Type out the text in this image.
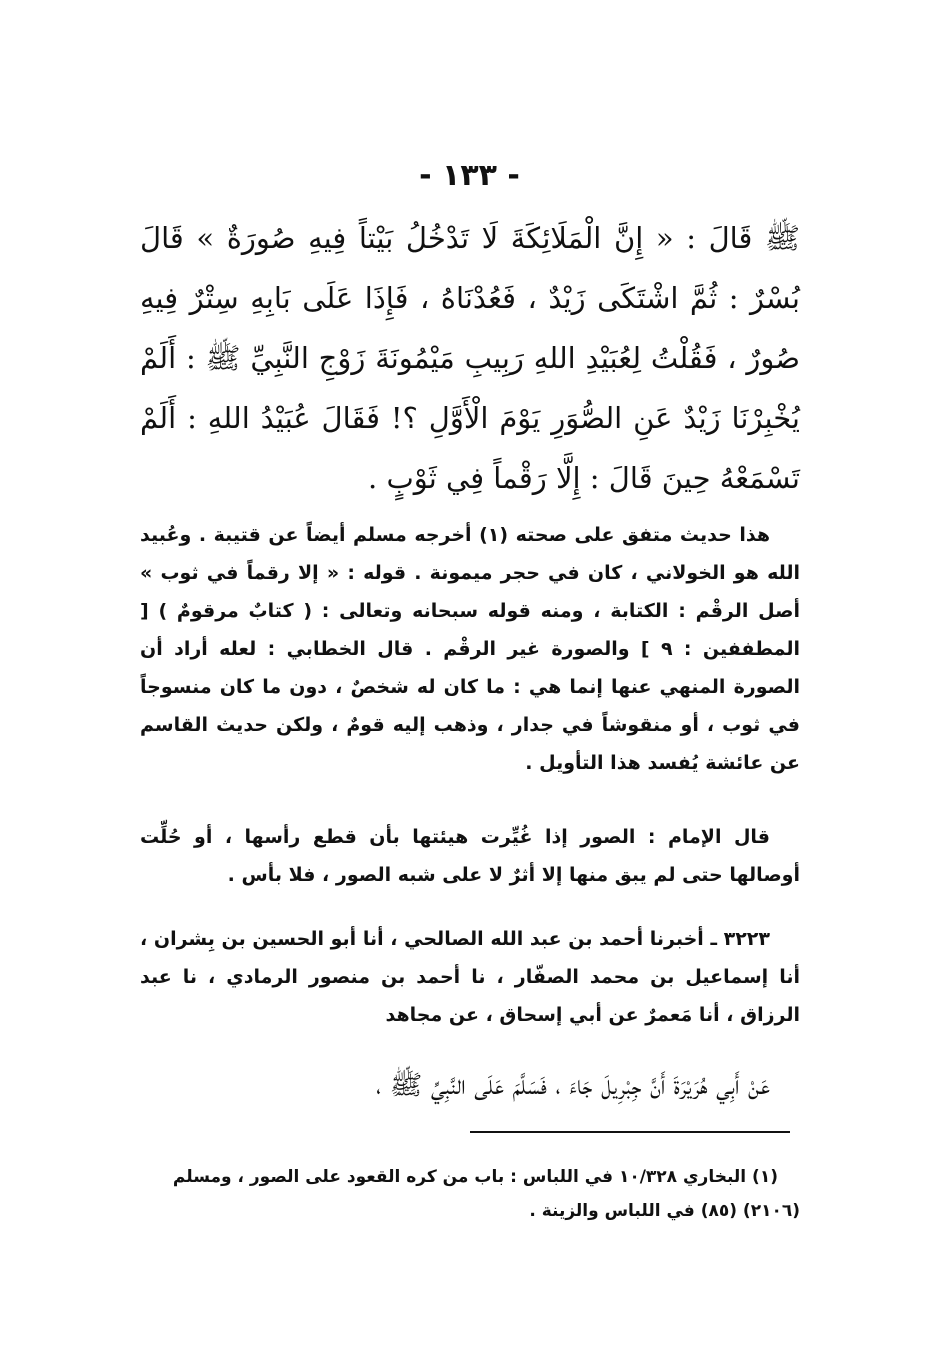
- ١٣٣ -
ﷺ قَالَ : « إِنَّ الْمَلَائِكَةَ لَا تَدْخُلُ بَيْتاً فِيهِ صُورَةٌ » قَالَ بُسْرٌ : ثُمَّ اشْتَكَى زَيْدٌ ، فَعُدْنَاهُ ، فَإِذَا عَلَى بَابِهِ سِتْرٌ فِيهِ صُورٌ ، فَقُلْتُ لِعُبَيْدِ اللهِ رَبِيبِ مَيْمُونَةَ زَوْجِ النَّبِيِّ ﷺ : أَلَمْ يُخْبِرْنَا زَيْدٌ عَنِ الصُّوَرِ يَوْمَ الْأَوَّلِ ؟! فَقَالَ عُبَيْدُ اللهِ : أَلَمْ تَسْمَعْهُ حِينَ قَالَ : إِلَّا رَقْماً فِي ثَوْبٍ .

هذا حديث متفق على صحته (١) أخرجه مسلم أيضاً عن قتيبة . وعُبيد الله هو الخولاني ، كان في حجر ميمونة . قوله : « إلا رقماً في ثوب » أصل الرقْم : الكتابة ، ومنه قوله سبحانه وتعالى : ( كتابٌ مرقومٌ ) [ المطففين : ٩ ] والصورة غير الرقْم . قال الخطابي : لعله أراد أن الصورة المنهي عنها إنما هي : ما كان له شخصٌ ، دون ما كان منسوجاً في ثوب ، أو منقوشاً في جدار ، وذهب إليه قومٌ ، ولكن حديث القاسم عن عائشة يُفسد هذا التأويل .

قال الإمام : الصور إذا غُيِّرت هيئتها بأن قطع رأسها ، أو حُلِّت أوصالها حتى لم يبق منها إلا أثرٌ لا على شبه الصور ، فلا بأس .
٣٢٢٣ ـ أخبرنا أحمد بن عبد الله الصالحي ، أنا أبو الحسين بن بِشران ، أنا إسماعيل بن محمد الصفّار ، نا أحمد بن منصور الرمادي ، نا عبد الرزاق ، أنا مَعمرٌ عن أبي إسحاق ، عن مجاهد
عَنْ أَبِي هُرَيْرَةَ أَنَّ جِبْرِيلَ جَاءَ ، فَسَلَّمَ عَلَى النَّبِيِّ ﷺ ،

(١) البخاري ١٠/٣٢٨ في اللباس : باب من كره القعود على الصور ، ومسلم (٢١٠٦) (٨٥) في اللباس والزينة .
